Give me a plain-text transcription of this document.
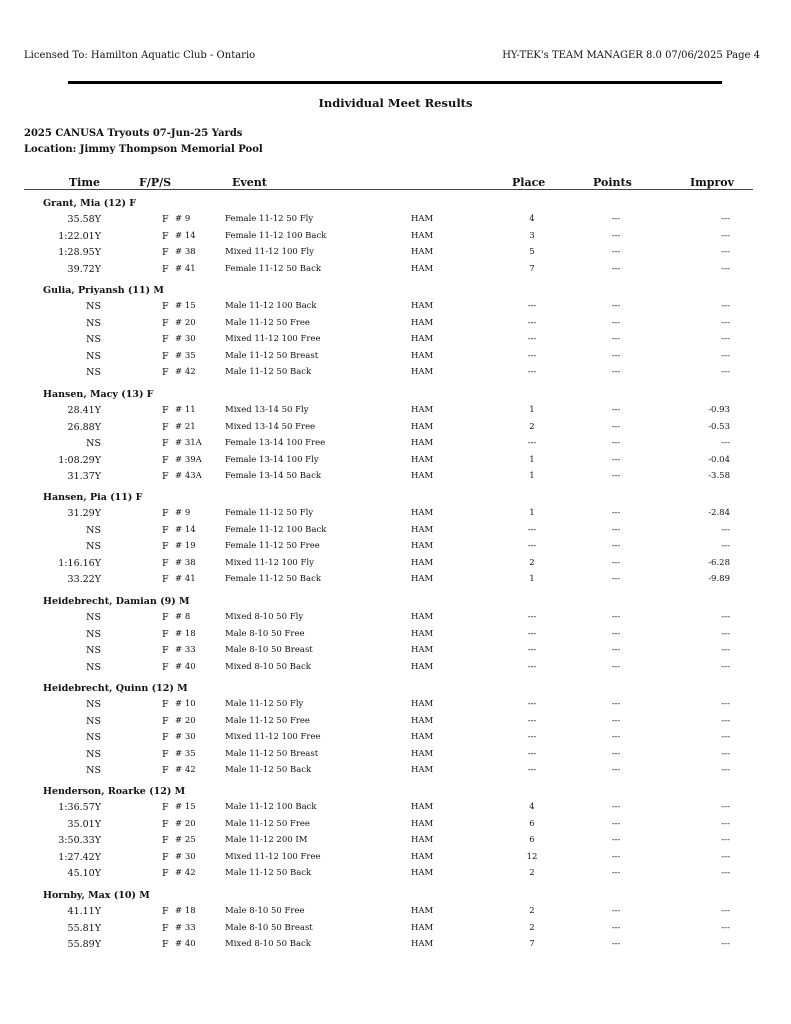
Licensed To: Hamilton Aquatic Club - Ontario	HY-TEK's TEAM MANAGER 8.0 07/06/2025 Page 4
Individual Meet Results
2025 CANUSA Tryouts 07-Jun-25 Yards
Location: Jimmy Thompson Memorial Pool
Time	F/P/S	Event	Place	Points	Improv
Grant, Mia (12) F
35.58Y	F # 9	Female 11-12 50 Fly	HAM	4	---	---
1:22.01Y	F # 14	Female 11-12 100 Back	HAM	3	---	---
1:28.95Y	F # 38	Mixed 11-12 100 Fly	HAM	5	---	---
39.72Y	F # 41	Female 11-12 50 Back	HAM	7	---	---
Gulia, Priyansh (11) M
NS	F # 15	Male 11-12 100 Back	HAM	---	---	---
NS	F # 20	Male 11-12 50 Free	HAM	---	---	---
NS	F # 30	Mixed 11-12 100 Free	HAM	---	---	---
NS	F # 35	Male 11-12 50 Breast	HAM	---	---	---
NS	F # 42	Male 11-12 50 Back	HAM	---	---	---
Hansen, Macy (13) F
28.41Y	F # 11	Mixed 13-14 50 Fly	HAM	1	---	-0.93
26.88Y	F # 21	Mixed 13-14 50 Free	HAM	2	---	-0.53
NS	F # 31A	Female 13-14 100 Free	HAM	---	---	---
1:08.29Y	F # 39A	Female 13-14 100 Fly	HAM	1	---	-0.04
31.37Y	F # 43A	Female 13-14 50 Back	HAM	1	---	-3.58
Hansen, Pia (11) F
31.29Y	F # 9	Female 11-12 50 Fly	HAM	1	---	-2.84
NS	F # 14	Female 11-12 100 Back	HAM	---	---	---
NS	F # 19	Female 11-12 50 Free	HAM	---	---	---
1:16.16Y	F # 38	Mixed 11-12 100 Fly	HAM	2	---	-6.28
33.22Y	F # 41	Female 11-12 50 Back	HAM	1	---	-9.89
Heidebrecht, Damian (9) M
NS	F # 8	Mixed 8-10 50 Fly	HAM	---	---	---
NS	F # 18	Male 8-10 50 Free	HAM	---	---	---
NS	F # 33	Male 8-10 50 Breast	HAM	---	---	---
NS	F # 40	Mixed 8-10 50 Back	HAM	---	---	---
Heidebrecht, Quinn (12) M
NS	F # 10	Male 11-12 50 Fly	HAM	---	---	---
NS	F # 20	Male 11-12 50 Free	HAM	---	---	---
NS	F # 30	Mixed 11-12 100 Free	HAM	---	---	---
NS	F # 35	Male 11-12 50 Breast	HAM	---	---	---
NS	F # 42	Male 11-12 50 Back	HAM	---	---	---
Henderson, Roarke (12) M
1:36.57Y	F # 15	Male 11-12 100 Back	HAM	4	---	---
35.01Y	F # 20	Male 11-12 50 Free	HAM	6	---	---
3:50.33Y	F # 25	Male 11-12 200 IM	HAM	6	---	---
1:27.42Y	F # 30	Mixed 11-12 100 Free	HAM	12	---	---
45.10Y	F # 42	Male 11-12 50 Back	HAM	2	---	---
Hornby, Max (10) M
41.11Y	F # 18	Male 8-10 50 Free	HAM	2	---	---
55.81Y	F # 33	Male 8-10 50 Breast	HAM	2	---	---
55.89Y	F # 40	Mixed 8-10 50 Back	HAM	7	---	---
